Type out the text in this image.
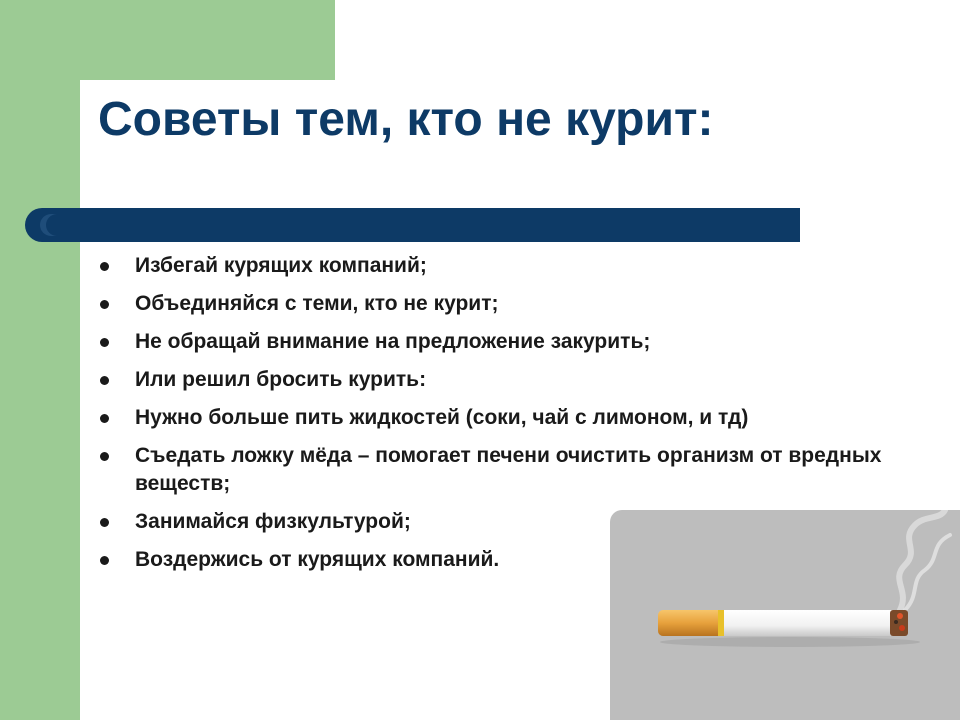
Советы тем, кто не курит:
Избегай курящих компаний;
Объединяйся с теми, кто не курит;
Не обращай внимание на предложение закурить;
Или решил бросить курить:
Нужно больше пить жидкостей (соки, чай с лимоном, и тд)
Съедать ложку мёда – помогает печени очистить организм от вредных веществ;
Занимайся физкультурой;
Воздержись от курящих компаний.
